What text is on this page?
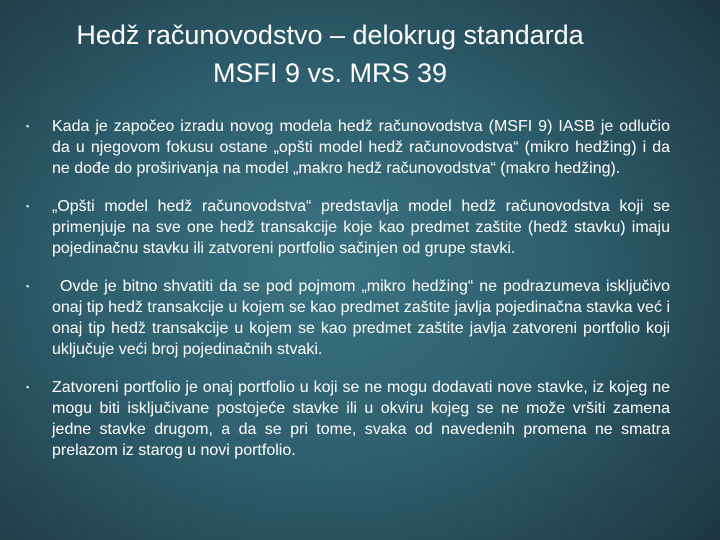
Hedž računovodstvo – delokrug standarda
MSFI 9 vs. MRS 39
▪	Kada je započeo izradu novog modela hedž računovodstva (MSFI 9) IASB je odlučio da u njegovom fokusu ostane „opšti model hedž računovodstva“ (mikro hedžing) i da ne dođe do proširivanja na model „makro hedž računovodstva“ (makro hedžing).

▪	„Opšti model hedž računovodstva“ predstavlja model hedž računovodstva koji se primenjuje na sve one hedž transakcije koje kao predmet zaštite (hedž stavku) imaju pojedinačnu stavku ili zatvoreni portfolio sačinjen od grupe stavki.

▪	Ovde je bitno shvatiti da se pod pojmom „mikro hedžing“ ne podrazumeva isključivo onaj tip hedž transakcije u kojem se kao predmet zaštite javlja pojedinačna stavka već i onaj tip hedž transakcije u kojem se kao predmet zaštite javlja zatvoreni portfolio koji uključuje veći broj pojedinačnih stvaki.

▪	Zatvoreni portfolio je onaj portfolio u koji se ne mogu dodavati nove stavke, iz kojeg ne mogu biti isključivane postojeće stavke ili u okviru kojeg se ne može vršiti zamena jedne stavke drugom, a da se pri tome, svaka od navedenih promena ne smatra prelazom iz starog u novi portfolio.
